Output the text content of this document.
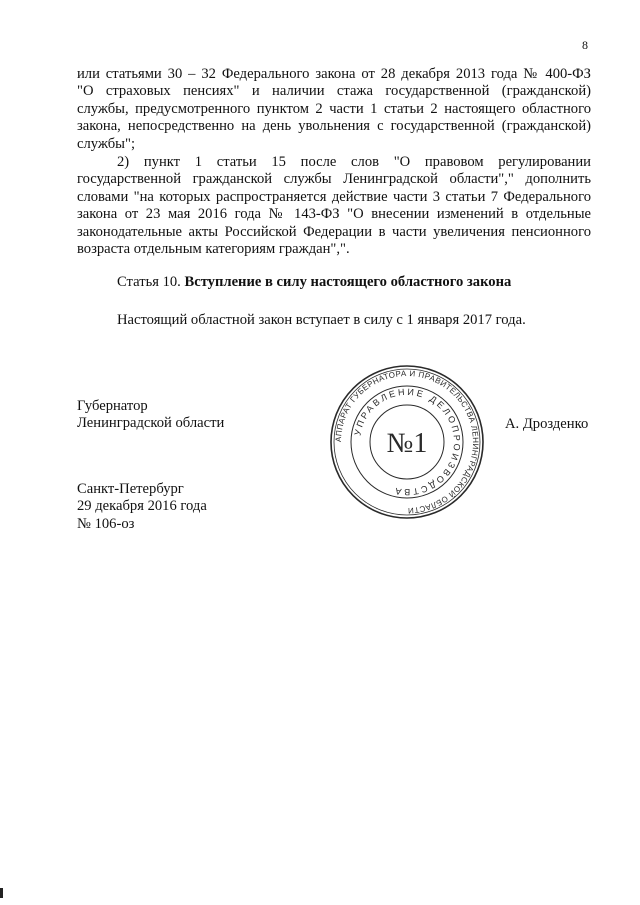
8
или статьями 30 – 32 Федерального закона от 28 декабря 2013 года № 400-ФЗ
"О страховых пенсиях" и наличии стажа государственной (гражданской)
службы, предусмотренного пунктом 2 части 1 статьи 2 настоящего областного
закона, непосредственно на день увольнения с государственной (гражданской)
службы";
2) пункт 1 статьи 15 после слов "О правовом регулировании
государственной гражданской службы Ленинградской области"," дополнить
словами "на которых распространяется действие части 3 статьи 7 Федерального
закона от 23 мая 2016 года № 143-ФЗ "О внесении изменений в отдельные
законодательные акты Российской Федерации в части увеличения пенсионного
возраста отдельным категориям граждан",".
Статья 10. Вступление в силу настоящего областного закона
Настоящий областной закон вступает в силу с 1 января 2017 года.
Губернатор
Ленинградской области
АППАРАТ ГУБЕРНАТОРА И ПРАВИТЕЛЬСТВА ЛЕНИНГРАДСКОЙ ОБЛАСТИ
УПРАВЛЕНИЕ ДЕЛОПРОИЗВОДСТВА
№1
А. Дрозденко
Санкт-Петербург
29 декабря 2016 года
№ 106-оз
